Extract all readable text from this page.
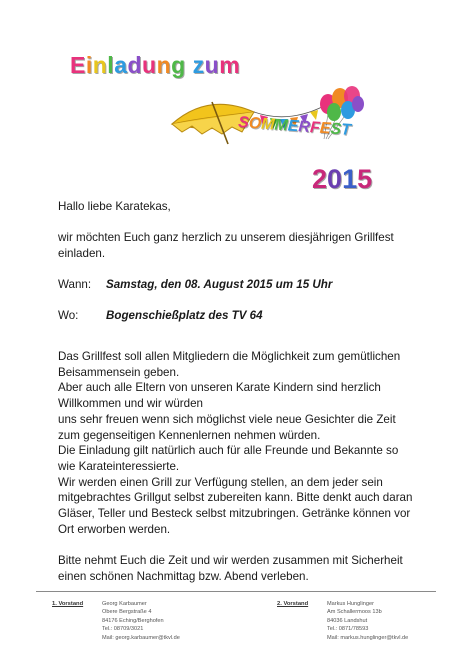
Einladung zum
SOMMERFEST
2015
Hallo liebe Karatekas,
wir möchten Euch ganz herzlich zu unserem diesjährigen Grillfest
einladen.
Wann: Samstag, den 08. August 2015 um 15 Uhr
Wo: Bogenschießplatz des TV 64
Das Grillfest soll allen Mitgliedern die Möglichkeit zum gemütlichen
Beisammensein geben.
Aber auch alle Eltern von unseren Karate Kindern sind herzlich
Willkommen und wir würden
uns sehr freuen wenn sich möglichst viele neue Gesichter die Zeit
zum gegenseitigen Kennenlernen nehmen würden.
Die Einladung gilt natürlich auch für alle Freunde und Bekannte so
wie Karateinteressierte.
Wir werden einen Grill zur Verfügung stellen, an dem jeder sein
mitgebrachtes Grillgut selbst zubereiten kann. Bitte denkt auch daran
Gläser, Teller und Besteck selbst mitzubringen. Getränke können vor
Ort erworben werden.
Bitte nehmt Euch die Zeit und wir werden zusammen mit Sicherheit
einen schönen Nachmittag bzw. Abend verleben.
1. Vorstand	Georg Karbaumer
Obere Bergstraße 4
84176 Eching/Berghofen
Tel.: 08709/3021
Mail: georg.karbaumer@tkvl.de
2. Vorstand	Markus Hunglinger
Am Schallermoos 13b
84036 Landshut
Tel.: 0871/78593
Mail: markus.hunglinger@tkvl.de
